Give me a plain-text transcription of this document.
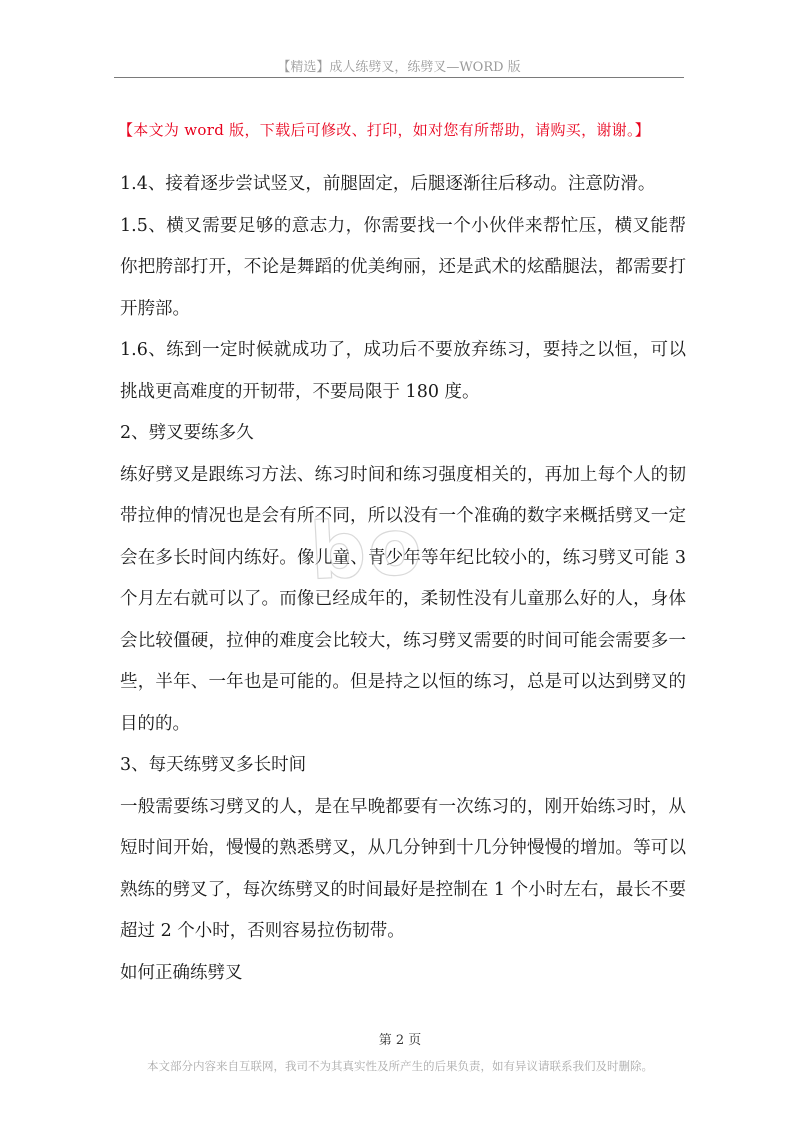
【精选】成人练劈叉，练劈叉—WORD 版
【本文为 word 版，下载后可修改、打印，如对您有所帮助，请购买，谢谢。】

1.4、接着逐步尝试竖叉，前腿固定，后腿逐渐往后移动。注意防滑。

1.5、横叉需要足够的意志力，你需要找一个小伙伴来帮忙压，横叉能帮你把胯部打开，不论是舞蹈的优美绚丽，还是武术的炫酷腿法，都需要打开胯部。

1.6、练到一定时候就成功了，成功后不要放弃练习，要持之以恒，可以挑战更高难度的开韧带，不要局限于 180 度。

2、劈叉要练多久

练好劈叉是跟练习方法、练习时间和练习强度相关的，再加上每个人的韧带拉伸的情况也是会有所不同，所以没有一个准确的数字来概括劈叉一定会在多长时间内练好。像儿童、青少年等年纪比较小的，练习劈叉可能 3 个月左右就可以了。而像已经成年的，柔韧性没有儿童那么好的人，身体会比较僵硬，拉伸的难度会比较大，练习劈叉需要的时间可能会需要多一些，半年、一年也是可能的。但是持之以恒的练习，总是可以达到劈叉的目的的。

3、每天练劈叉多长时间

一般需要练习劈叉的人，是在早晚都要有一次练习的，刚开始练习时，从短时间开始，慢慢的熟悉劈叉，从几分钟到十几分钟慢慢的增加。等可以熟练的劈叉了，每次练劈叉的时间最好是控制在 1 个小时左右，最长不要超过 2 个小时，否则容易拉伤韧带。

如何正确练劈叉

bo
第 2 页
本文部分内容来自互联网，我司不为其真实性及所产生的后果负责，如有异议请联系我们及时删除。
